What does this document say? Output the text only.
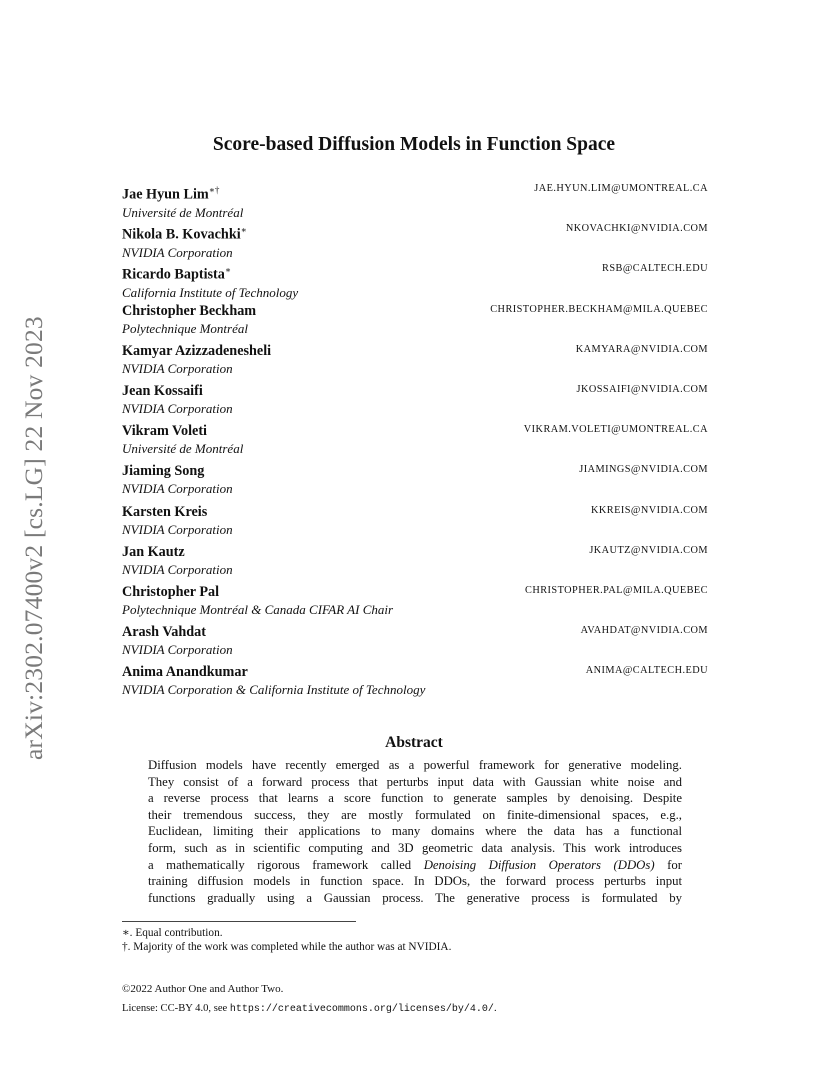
arXiv:2302.07400v2 [cs.LG] 22 Nov 2023
Score-based Diffusion Models in Function Space
Jae Hyun Lim∗†
Université de Montréal
JAE.HYUN.LIM@UMONTREAL.CA
Nikola B. Kovachki∗
NVIDIA Corporation
NKOVACHKI@NVIDIA.COM
Ricardo Baptista∗
California Institute of Technology
RSB@CALTECH.EDU
Christopher Beckham
Polytechnique Montréal
CHRISTOPHER.BECKHAM@MILA.QUEBEC
Kamyar Azizzadenesheli
NVIDIA Corporation
KAMYARA@NVIDIA.COM
Jean Kossaifi
NVIDIA Corporation
JKOSSAIFI@NVIDIA.COM
Vikram Voleti
Université de Montréal
VIKRAM.VOLETI@UMONTREAL.CA
Jiaming Song
NVIDIA Corporation
JIAMINGS@NVIDIA.COM
Karsten Kreis
NVIDIA Corporation
KKREIS@NVIDIA.COM
Jan Kautz
NVIDIA Corporation
JKAUTZ@NVIDIA.COM
Christopher Pal
Polytechnique Montréal & Canada CIFAR AI Chair
CHRISTOPHER.PAL@MILA.QUEBEC
Arash Vahdat
NVIDIA Corporation
AVAHDAT@NVIDIA.COM
Anima Anandkumar
NVIDIA Corporation & California Institute of Technology
ANIMA@CALTECH.EDU
Abstract
Diffusion models have recently emerged as a powerful framework for generative modeling.
They consist of a forward process that perturbs input data with Gaussian white noise and
a reverse process that learns a score function to generate samples by denoising. Despite
their tremendous success, they are mostly formulated on finite-dimensional spaces, e.g.,
Euclidean, limiting their applications to many domains where the data has a functional
form, such as in scientific computing and 3D geometric data analysis. This work introduces
a mathematically rigorous framework called Denoising Diffusion Operators (DDOs) for
training diffusion models in function space. In DDOs, the forward process perturbs input
functions gradually using a Gaussian process. The generative process is formulated by
∗. Equal contribution.
†. Majority of the work was completed while the author was at NVIDIA.
©2022 Author One and Author Two.
License: CC-BY 4.0, see https://creativecommons.org/licenses/by/4.0/.
